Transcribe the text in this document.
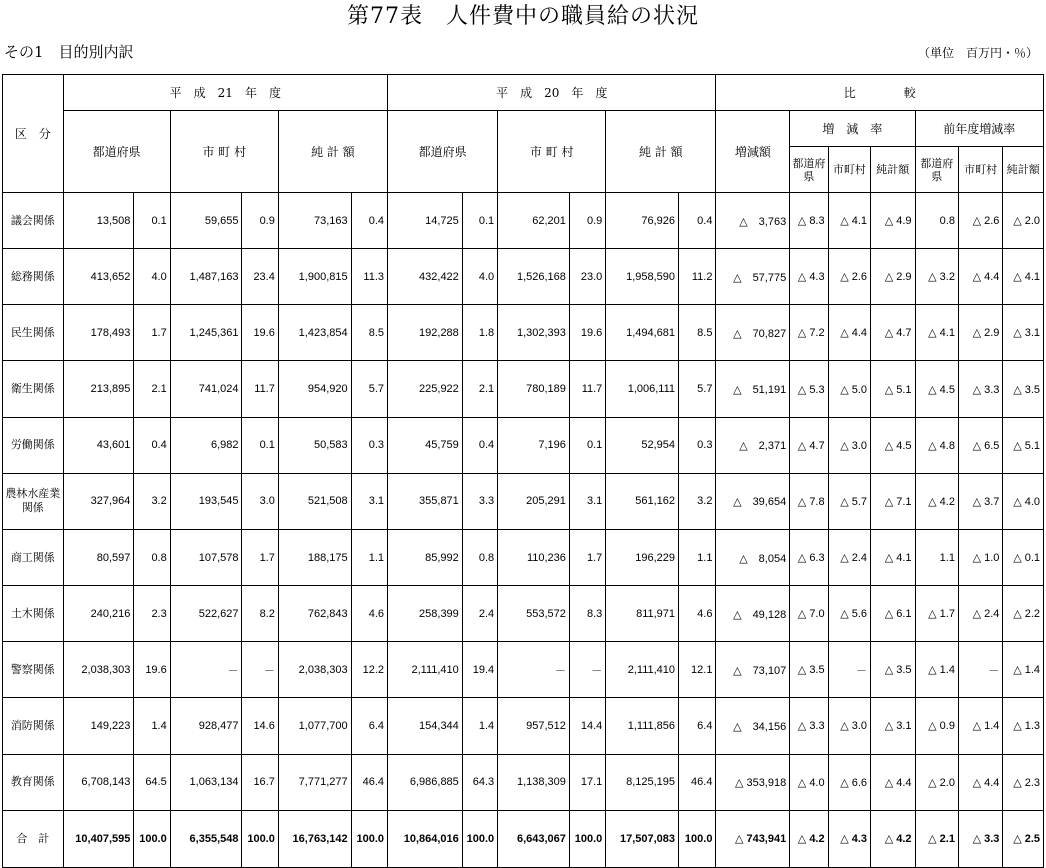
第77表　人件費中の職員給の状況
その1　目的別内訳	（単位　百万円・％）
区　分	平　成　21　年　度						平　成　20　年　度						比　　　　較						
	都道府県		市 町 村		純 計 額		都道府県		市 町 村		純 計 額		増減額	増　減　率			前年度増減率		
														都道府県	市町村	純計額	都道府県	市町村	純計額
議会関係	13,508	0.1	59,655	0.9	73,163	0.4	14,725	0.1	62,201	0.9	76,926	0.4	△　3,763	△ 8.3	△ 4.1	△ 4.9	0.8	△ 2.6	△ 2.0
総務関係	413,652	4.0	1,487,163	23.4	1,900,815	11.3	432,422	4.0	1,526,168	23.0	1,958,590	11.2	△　57,775	△ 4.3	△ 2.6	△ 2.9	△ 3.2	△ 4.4	△ 4.1
民生関係	178,493	1.7	1,245,361	19.6	1,423,854	8.5	192,288	1.8	1,302,393	19.6	1,494,681	8.5	△　70,827	△ 7.2	△ 4.4	△ 4.7	△ 4.1	△ 2.9	△ 3.1
衛生関係	213,895	2.1	741,024	11.7	954,920	5.7	225,922	2.1	780,189	11.7	1,006,111	5.7	△　51,191	△ 5.3	△ 5.0	△ 5.1	△ 4.5	△ 3.3	△ 3.5
労働関係	43,601	0.4	6,982	0.1	50,583	0.3	45,759	0.4	7,196	0.1	52,954	0.3	△　2,371	△ 4.7	△ 3.0	△ 4.5	△ 4.8	△ 6.5	△ 5.1
農林水産業関係	327,964	3.2	193,545	3.0	521,508	3.1	355,871	3.3	205,291	3.1	561,162	3.2	△　39,654	△ 7.8	△ 5.7	△ 7.1	△ 4.2	△ 3.7	△ 4.0
商工関係	80,597	0.8	107,578	1.7	188,175	1.1	85,992	0.8	110,236	1.7	196,229	1.1	△　8,054	△ 6.3	△ 2.4	△ 4.1	1.1	△ 1.0	△ 0.1
土木関係	240,216	2.3	522,627	8.2	762,843	4.6	258,399	2.4	553,572	8.3	811,971	4.6	△　49,128	△ 7.0	△ 5.6	△ 6.1	△ 1.7	△ 2.4	△ 2.2
警察関係	2,038,303	19.6	－	－	2,038,303	12.2	2,111,410	19.4	－	－	2,111,410	12.1	△　73,107	△ 3.5	－	△ 3.5	△ 1.4	－	△ 1.4
消防関係	149,223	1.4	928,477	14.6	1,077,700	6.4	154,344	1.4	957,512	14.4	1,111,856	6.4	△　34,156	△ 3.3	△ 3.0	△ 3.1	△ 0.9	△ 1.4	△ 1.3
教育関係	6,708,143	64.5	1,063,134	16.7	7,771,277	46.4	6,986,885	64.3	1,138,309	17.1	8,125,195	46.4	△ 353,918	△ 4.0	△ 6.6	△ 4.4	△ 2.0	△ 4.4	△ 2.3
合　計	10,407,595	100.0	6,355,548	100.0	16,763,142	100.0	10,864,016	100.0	6,643,067	100.0	17,507,083	100.0	△ 743,941	△ 4.2	△ 4.3	△ 4.2	△ 2.1	△ 3.3	△ 2.5
